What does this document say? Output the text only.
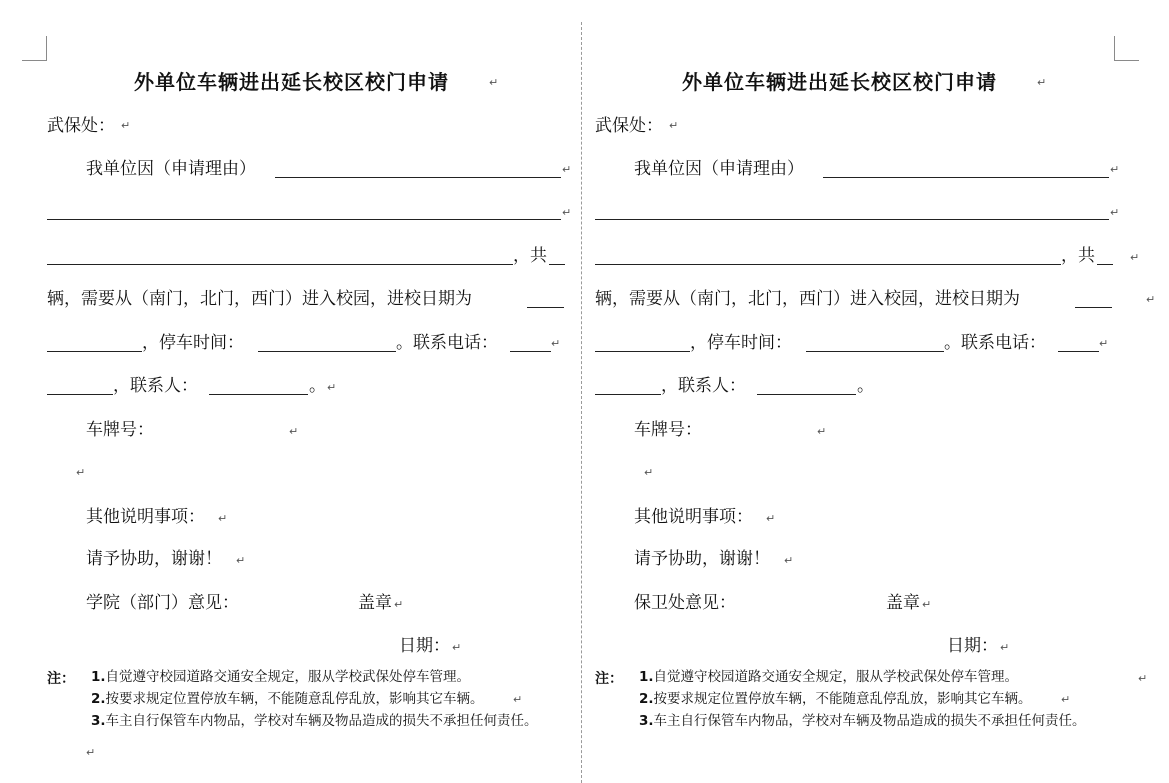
外单位车辆进出延长校区校门申请	↵
武保处： ↵
我单位因（申请理由）	↵
↵
，共
辆，需要从（南门，北门，西门）进入校园，进校日期为
，停车时间：	。联系电话：	↵
，联系人：	。 ↵
车牌号：	↵
↵
其他说明事项： ↵
请予协助，谢谢！ ↵
学院（部门）意见：	盖章 ↵
日期： ↵
注： 1.自觉遵守校园道路交通安全规定，服从学校武保处停车管理。
2.按要求规定位置停放车辆，不能随意乱停乱放，影响其它车辆。	↵
3.车主自行保管车内物品，学校对车辆及物品造成的损失不承担任何责任。
↵
外单位车辆进出延长校区校门申请	↵
武保处： ↵
我单位因（申请理由）	↵
↵
，共	↵
辆，需要从（南门，北门，西门）进入校园，进校日期为	↵
，停车时间：	。联系电话：	↵
，联系人：	。
车牌号：	↵
↵
其他说明事项： ↵
请予协助，谢谢！ ↵
保卫处意见：	盖章 ↵
日期： ↵
注： 1.自觉遵守校园道路交通安全规定，服从学校武保处停车管理。	↵
2.按要求规定位置停放车辆，不能随意乱停乱放，影响其它车辆。	↵
3.车主自行保管车内物品，学校对车辆及物品造成的损失不承担任何责任。
